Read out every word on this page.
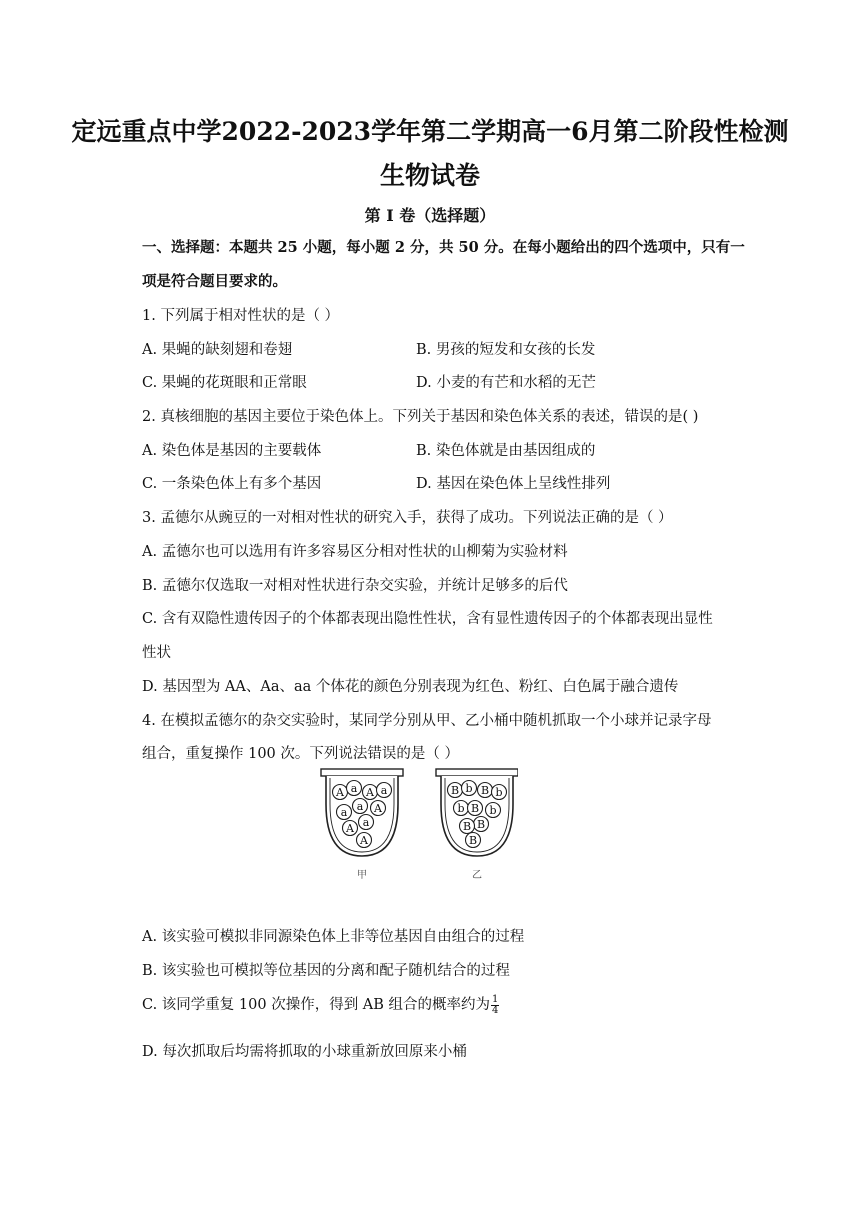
定远重点中学2022-2023学年第二学期高一6月第二阶段性检测
生物试卷
第 I 卷（选择题）
一、选择题：本题共 25 小题，每小题 2 分，共 50 分。在每小题给出的四个选项中，只有一
项是符合题目要求的。
1. 下列属于相对性状的是（ ）
A. 果蝇的缺刻翅和卷翅	B. 男孩的短发和女孩的长发
C. 果蝇的花斑眼和正常眼	D. 小麦的有芒和水稻的无芒
2. 真核细胞的基因主要位于染色体上。下列关于基因和染色体关系的表述，错误的是( )
A. 染色体是基因的主要载体	B. 染色体就是由基因组成的
C. 一条染色体上有多个基因	D. 基因在染色体上呈线性排列
3. 孟德尔从豌豆的一对相对性状的研究入手，获得了成功。下列说法正确的是（ ）
A. 孟德尔也可以选用有许多容易区分相对性状的山柳菊为实验材料
B. 孟德尔仅选取一对相对性状进行杂交实验，并统计足够多的后代
C. 含有双隐性遗传因子的个体都表现出隐性性状，含有显性遗传因子的个体都表现出显性
性状
D. 基因型为 AA、Aa、aa 个体花的颜色分别表现为红色、粉红、白色属于融合遗传
4. 在模拟孟德尔的杂交实验时，某同学分别从甲、乙小桶中随机抓取一个小球并记录字母
组合，重复操作 100 次。下列说法错误的是（ ）
A a A a
a
a A
a
A
A
B b B b
b B b
B
B
B
甲	乙
A. 该实验可模拟非同源染色体上非等位基因自由组合的过程
B. 该实验也可模拟等位基因的分离和配子随机结合的过程
C. 该同学重复 100 次操作，得到 AB 组合的概率约为 $\frac{1}{4}$
D. 每次抓取后均需将抓取的小球重新放回原来小桶
